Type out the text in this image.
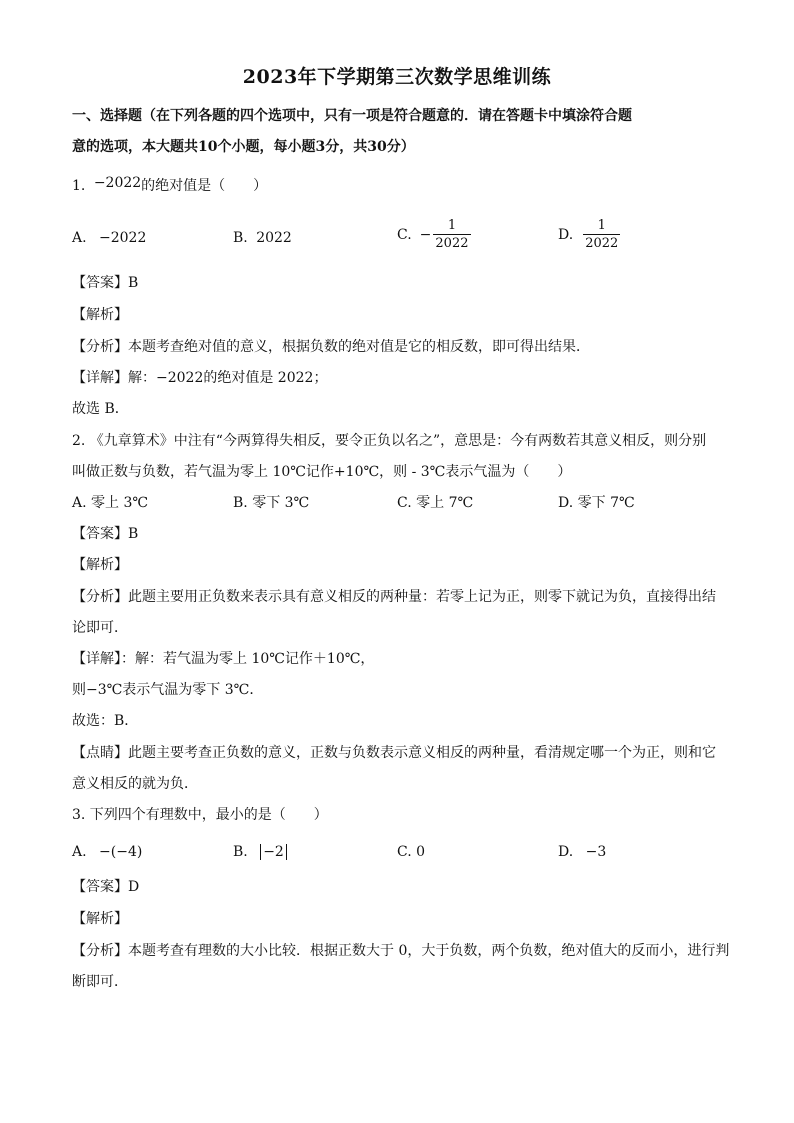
2023年下学期第三次数学思维训练
一、选择题（在下列各题的四个选项中，只有一项是符合题意的．请在答题卡中填涂符合题
意的选项，本大题共10个小题，每小题3分，共30分）
1. −2022的绝对值是（　　）
A. −2022	B. 2022	C. − $\frac{1}{2022}$	D. $\frac{1}{2022}$
【答案】B
【解析】
【分析】本题考查绝对值的意义，根据负数的绝对值是它的相反数，即可得出结果．
【详解】解：−2022的绝对值是 2022；
故选 B．
2. 《九章算术》中注有“今两算得失相反，要令正负以名之”，意思是：今有两数若其意义相反，则分别
叫做正数与负数，若气温为零上 10℃记作+10℃，则 - 3℃表示气温为（　　）
A. 零上 3℃	B. 零下 3℃	C. 零上 7℃	D. 零下 7℃
【答案】B
【解析】
【分析】此题主要用正负数来表示具有意义相反的两种量：若零上记为正，则零下就记为负，直接得出结
论即可．
【详解】：解：若气温为零上 10℃记作＋10℃，
则−3℃表示气温为零下 3℃．
故选：B．
【点睛】此题主要考查正负数的意义，正数与负数表示意义相反的两种量，看清规定哪一个为正，则和它
意义相反的就为负．
3. 下列四个有理数中，最小的是（　　）
A. −(−4)	B. −2	C. 0	D. −3
【答案】D
【解析】
【分析】本题考查有理数的大小比较．根据正数大于 0，大于负数，两个负数，绝对值大的反而小，进行判
断即可．
